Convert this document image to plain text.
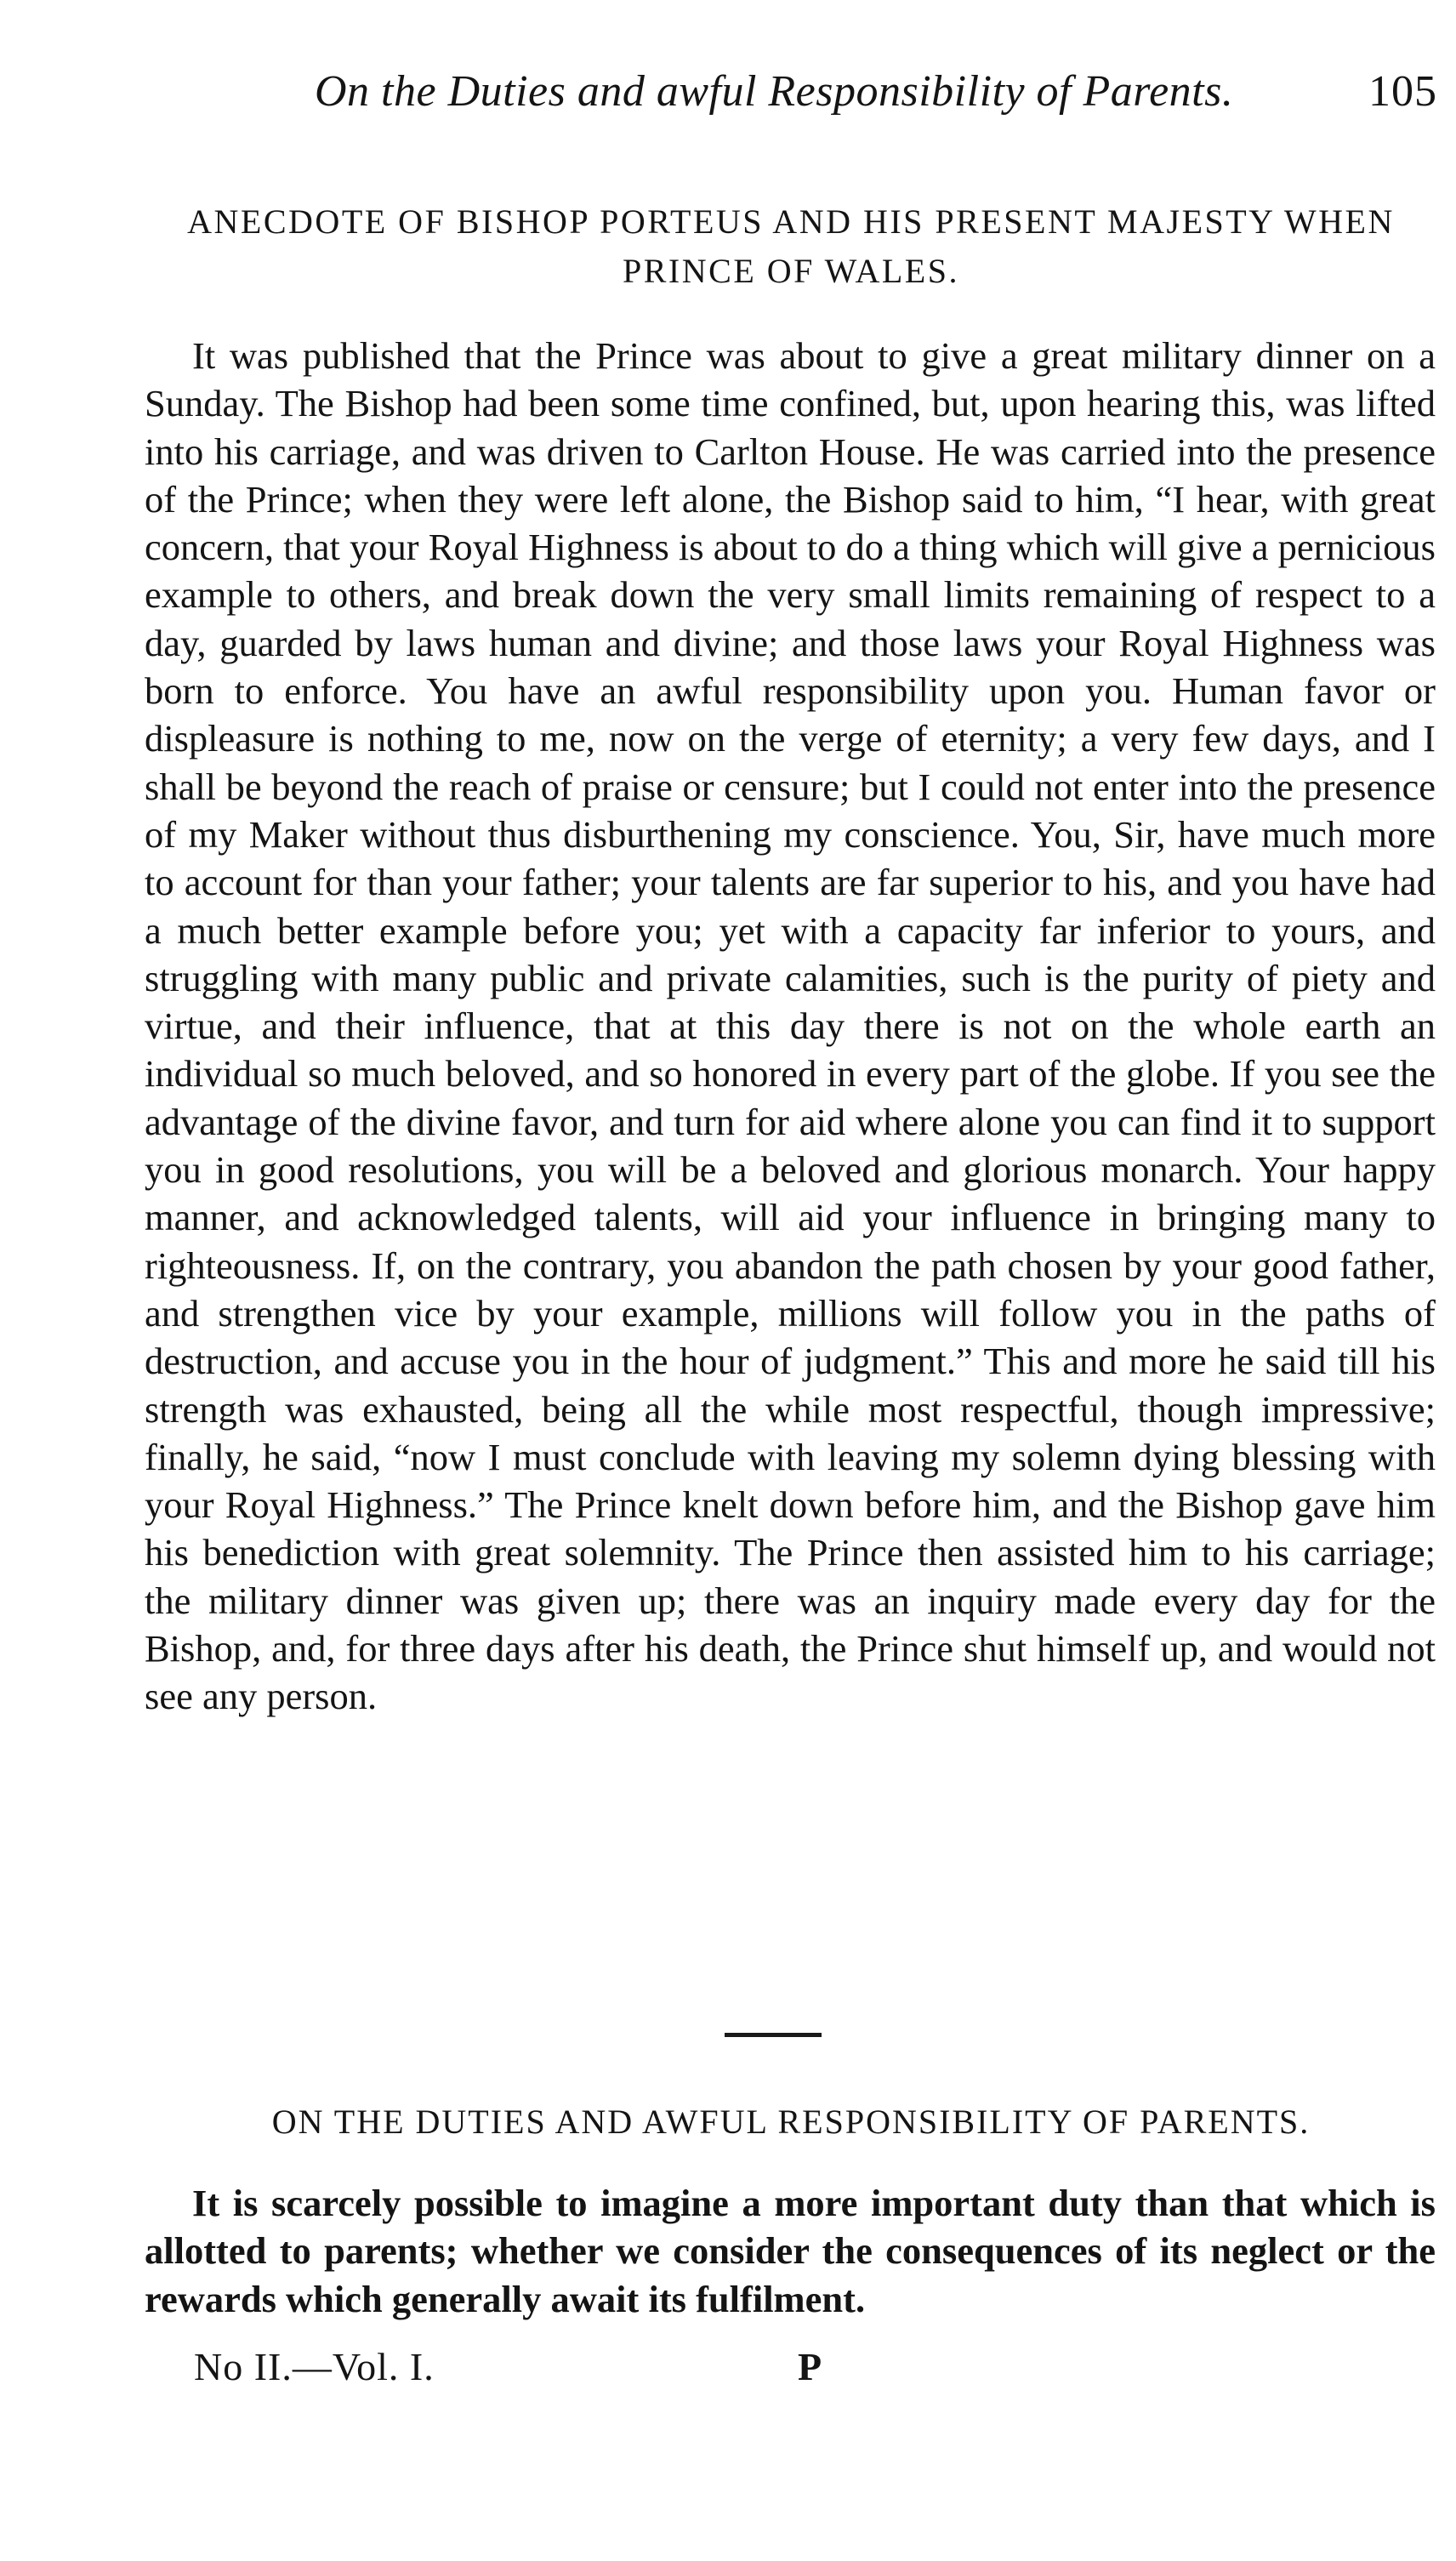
On the Duties and awful Responsibility of Parents.	105
ANECDOTE OF BISHOP PORTEUS AND HIS PRESENT MAJESTY WHEN PRINCE OF WALES.

It was published that the Prince was about to give a great military dinner on a Sunday. The Bishop had been some time confined, but, upon hearing this, was lifted into his carriage, and was driven to Carlton House. He was carried into the presence of the Prince; when they were left alone, the Bishop said to him, “I hear, with great concern, that your Royal Highness is about to do a thing which will give a pernicious example to others, and break down the very small limits remaining of respect to a day, guarded by laws human and divine; and those laws your Royal Highness was born to enforce. You have an awful responsibility upon you. Human favor or displeasure is nothing to me, now on the verge of eternity; a very few days, and I shall be beyond the reach of praise or censure; but I could not enter into the presence of my Maker without thus disburthening my conscience. You, Sir, have much more to account for than your father; your talents are far superior to his, and you have had a much better example before you; yet with a capacity far inferior to yours, and struggling with many public and private calamities, such is the purity of piety and virtue, and their influence, that at this day there is not on the whole earth an individual so much beloved, and so honored in every part of the globe. If you see the advantage of the divine favor, and turn for aid where alone you can find it to support you in good resolutions, you will be a beloved and glorious monarch. Your happy manner, and acknowledged talents, will aid your influence in bringing many to righteousness. If, on the contrary, you abandon the path chosen by your good father, and strengthen vice by your example, millions will follow you in the paths of destruction, and accuse you in the hour of judgment.” This and more he said till his strength was exhausted, being all the while most respectful, though impressive; finally, he said, “now I must conclude with leaving my solemn dying blessing with your Royal Highness.” The Prince knelt down before him, and the Bishop gave him his benediction with great solemnity. The Prince then assisted him to his carriage; the military dinner was given up; there was an inquiry made every day for the Bishop, and, for three days after his death, the Prince shut himself up, and would not see any person.

ON THE DUTIES AND AWFUL RESPONSIBILITY OF PARENTS.

It is scarcely possible to imagine a more important duty than that which is allotted to parents; whether we consider the consequences of its neglect or the rewards which generally await its fulfilment.

No II.—Vol. I.	P
